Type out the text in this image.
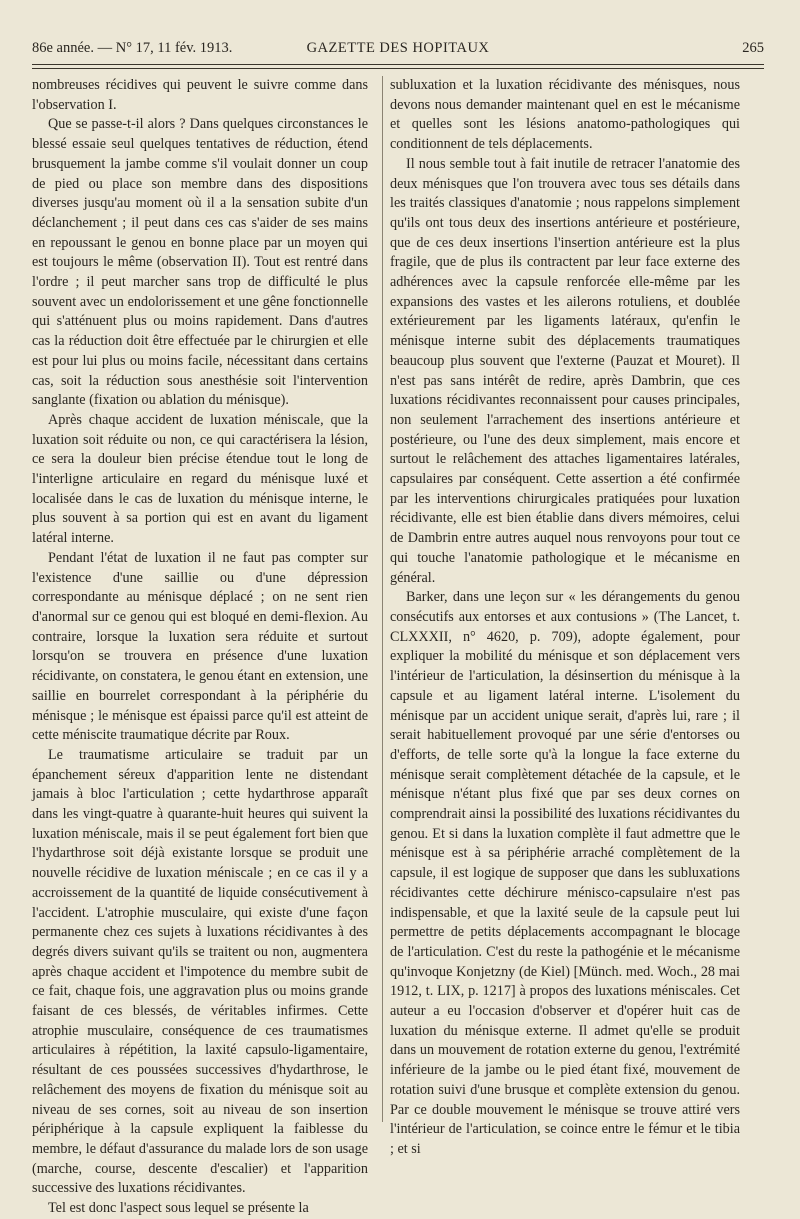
86e année. — N° 17, 11 fév. 1913.	GAZETTE DES HOPITAUX	265

nombreuses récidives qui peuvent le suivre comme dans l'observation I.

Que se passe-t-il alors ? Dans quelques circonstances le blessé essaie seul quelques tentatives de réduction, étend brusquement la jambe comme s'il voulait donner un coup de pied ou place son membre dans des dispositions diverses jusqu'au moment où il a la sensation subite d'un déclanchement ; il peut dans ces cas s'aider de ses mains en repoussant le genou en bonne place par un moyen qui est toujours le même (observation II). Tout est rentré dans l'ordre ; il peut marcher sans trop de difficulté le plus souvent avec un endolorissement et une gêne fonctionnelle qui s'atténuent plus ou moins rapidement. Dans d'autres cas la réduction doit être effectuée par le chirurgien et elle est pour lui plus ou moins facile, nécessitant dans certains cas, soit la réduction sous anesthésie soit l'intervention sanglante (fixation ou ablation du ménisque).

Après chaque accident de luxation méniscale, que la luxation soit réduite ou non, ce qui caractérisera la lésion, ce sera la douleur bien précise étendue tout le long de l'interligne articulaire en regard du ménisque luxé et localisée dans le cas de luxation du ménisque interne, le plus souvent à sa portion qui est en avant du ligament latéral interne.

Pendant l'état de luxation il ne faut pas compter sur l'existence d'une saillie ou d'une dépression correspondante au ménisque déplacé ; on ne sent rien d'anormal sur ce genou qui est bloqué en demi-flexion. Au contraire, lorsque la luxation sera réduite et surtout lorsqu'on se trouvera en présence d'une luxation récidivante, on constatera, le genou étant en extension, une saillie en bourrelet correspondant à la périphérie du ménisque ; le ménisque est épaissi parce qu'il est atteint de cette méniscite traumatique décrite par Roux.

Le traumatisme articulaire se traduit par un épanchement séreux d'apparition lente ne distendant jamais à bloc l'articulation ; cette hydarthrose apparaît dans les vingt-quatre à quarante-huit heures qui suivent la luxation méniscale, mais il se peut également fort bien que l'hydarthrose soit déjà existante lorsque se produit une nouvelle récidive de luxation méniscale ; en ce cas il y a accroissement de la quantité de liquide consécutivement à l'accident. L'atrophie musculaire, qui existe d'une façon permanente chez ces sujets à luxations récidivantes à des degrés divers suivant qu'ils se traitent ou non, augmentera après chaque accident et l'impotence du membre subit de ce fait, chaque fois, une aggravation plus ou moins grande faisant de ces blessés, de véritables infirmes. Cette atrophie musculaire, conséquence de ces traumatismes articulaires à répétition, la laxité capsulo-ligamentaire, résultant de ces poussées successives d'hydarthrose, le relâchement des moyens de fixation du ménisque soit au niveau de ses cornes, soit au niveau de son insertion périphérique à la capsule expliquent la faiblesse du membre, le défaut d'assurance du malade lors de son usage (marche, course, descente d'escalier) et l'apparition successive des luxations récidivantes.

Tel est donc l'aspect sous lequel se présente la

subluxation et la luxation récidivante des ménisques, nous devons nous demander maintenant quel en est le mécanisme et quelles sont les lésions anatomo-pathologiques qui conditionnent de tels déplacements.

Il nous semble tout à fait inutile de retracer l'anatomie des deux ménisques que l'on trouvera avec tous ses détails dans les traités classiques d'anatomie ; nous rappelons simplement qu'ils ont tous deux des insertions antérieure et postérieure, que de ces deux insertions l'insertion antérieure est la plus fragile, que de plus ils contractent par leur face externe des adhérences avec la capsule renforcée elle-même par les expansions des vastes et les ailerons rotuliens, et doublée extérieurement par les ligaments latéraux, qu'enfin le ménisque interne subit des déplacements traumatiques beaucoup plus souvent que l'externe (Pauzat et Mouret). Il n'est pas sans intérêt de redire, après Dambrin, que ces luxations récidivantes reconnaissent pour causes principales, non seulement l'arrachement des insertions antérieure et postérieure, ou l'une des deux simplement, mais encore et surtout le relâchement des attaches ligamentaires latérales, capsulaires par conséquent. Cette assertion a été confirmée par les interventions chirurgicales pratiquées pour luxation récidivante, elle est bien établie dans divers mémoires, celui de Dambrin entre autres auquel nous renvoyons pour tout ce qui touche l'anatomie pathologique et le mécanisme en général.

Barker, dans une leçon sur « les dérangements du genou consécutifs aux entorses et aux contusions » (The Lancet, t. CLXXXII, n° 4620, p. 709), adopte également, pour expliquer la mobilité du ménisque et son déplacement vers l'intérieur de l'articulation, la désinsertion du ménisque à la capsule et au ligament latéral interne. L'isolement du ménisque par un accident unique serait, d'après lui, rare ; il serait habituellement provoqué par une série d'entorses ou d'efforts, de telle sorte qu'à la longue la face externe du ménisque serait complètement détachée de la capsule, et le ménisque n'étant plus fixé que par ses deux cornes on comprendrait ainsi la possibilité des luxations récidivantes du genou. Et si dans la luxation complète il faut admettre que le ménisque est à sa périphérie arraché complètement de la capsule, il est logique de supposer que dans les subluxations récidivantes cette déchirure ménisco-capsulaire n'est pas indispensable, et que la laxité seule de la capsule peut lui permettre de petits déplacements accompagnant le blocage de l'articulation. C'est du reste la pathogénie et le mécanisme qu'invoque Konjetzny (de Kiel) [Münch. med. Woch., 28 mai 1912, t. LIX, p. 1217] à propos des luxations méniscales. Cet auteur a eu l'occasion d'observer et d'opérer huit cas de luxation du ménisque externe. Il admet qu'elle se produit dans un mouvement de rotation externe du genou, l'extrémité inférieure de la jambe ou le pied étant fixé, mouvement de rotation suivi d'une brusque et complète extension du genou. Par ce double mouvement le ménisque se trouve attiré vers l'intérieur de l'articulation, se coince entre le fémur et le tibia ; et si
